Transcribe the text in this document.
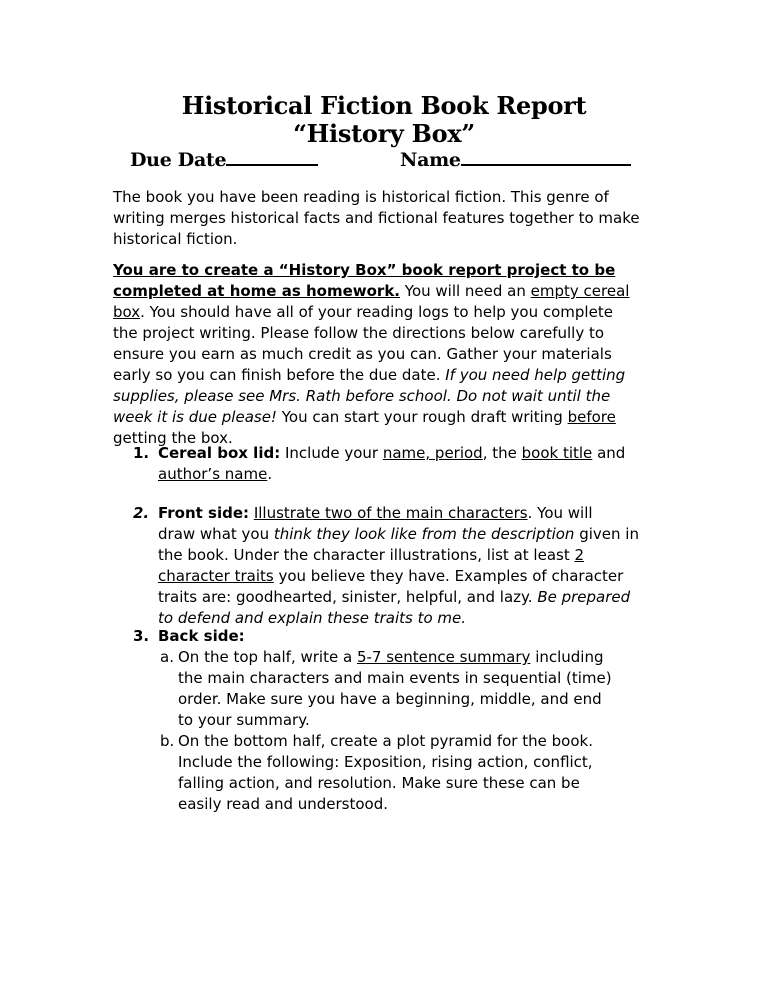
Historical Fiction Book Report
“History Box”
Due Date	Name
The book you have been reading is historical fiction. This genre of
writing merges historical facts and fictional features together to make
historical fiction.
You are to create a “History Box” book report project to be
completed at home as homework. You will need an empty cereal
box. You should have all of your reading logs to help you complete
the project writing. Please follow the directions below carefully to
ensure you earn as much credit as you can. Gather your materials
early so you can finish before the due date. If you need help getting
supplies, please see Mrs. Rath before school. Do not wait until the
week it is due please! You can start your rough draft writing before
getting the box.
1. Cereal box lid: Include your name, period, the book title and
author’s name.
2. Front side: Illustrate two of the main characters. You will
draw what you think they look like from the description given in
the book. Under the character illustrations, list at least 2
character traits you believe they have. Examples of character
traits are: goodhearted, sinister, helpful, and lazy. Be prepared
to defend and explain these traits to me.
3. Back side:
a. On the top half, write a 5-7 sentence summary including
the main characters and main events in sequential (time)
order. Make sure you have a beginning, middle, and end
to your summary.
b. On the bottom half, create a plot pyramid for the book.
Include the following: Exposition, rising action, conflict,
falling action, and resolution. Make sure these can be
easily read and understood.
